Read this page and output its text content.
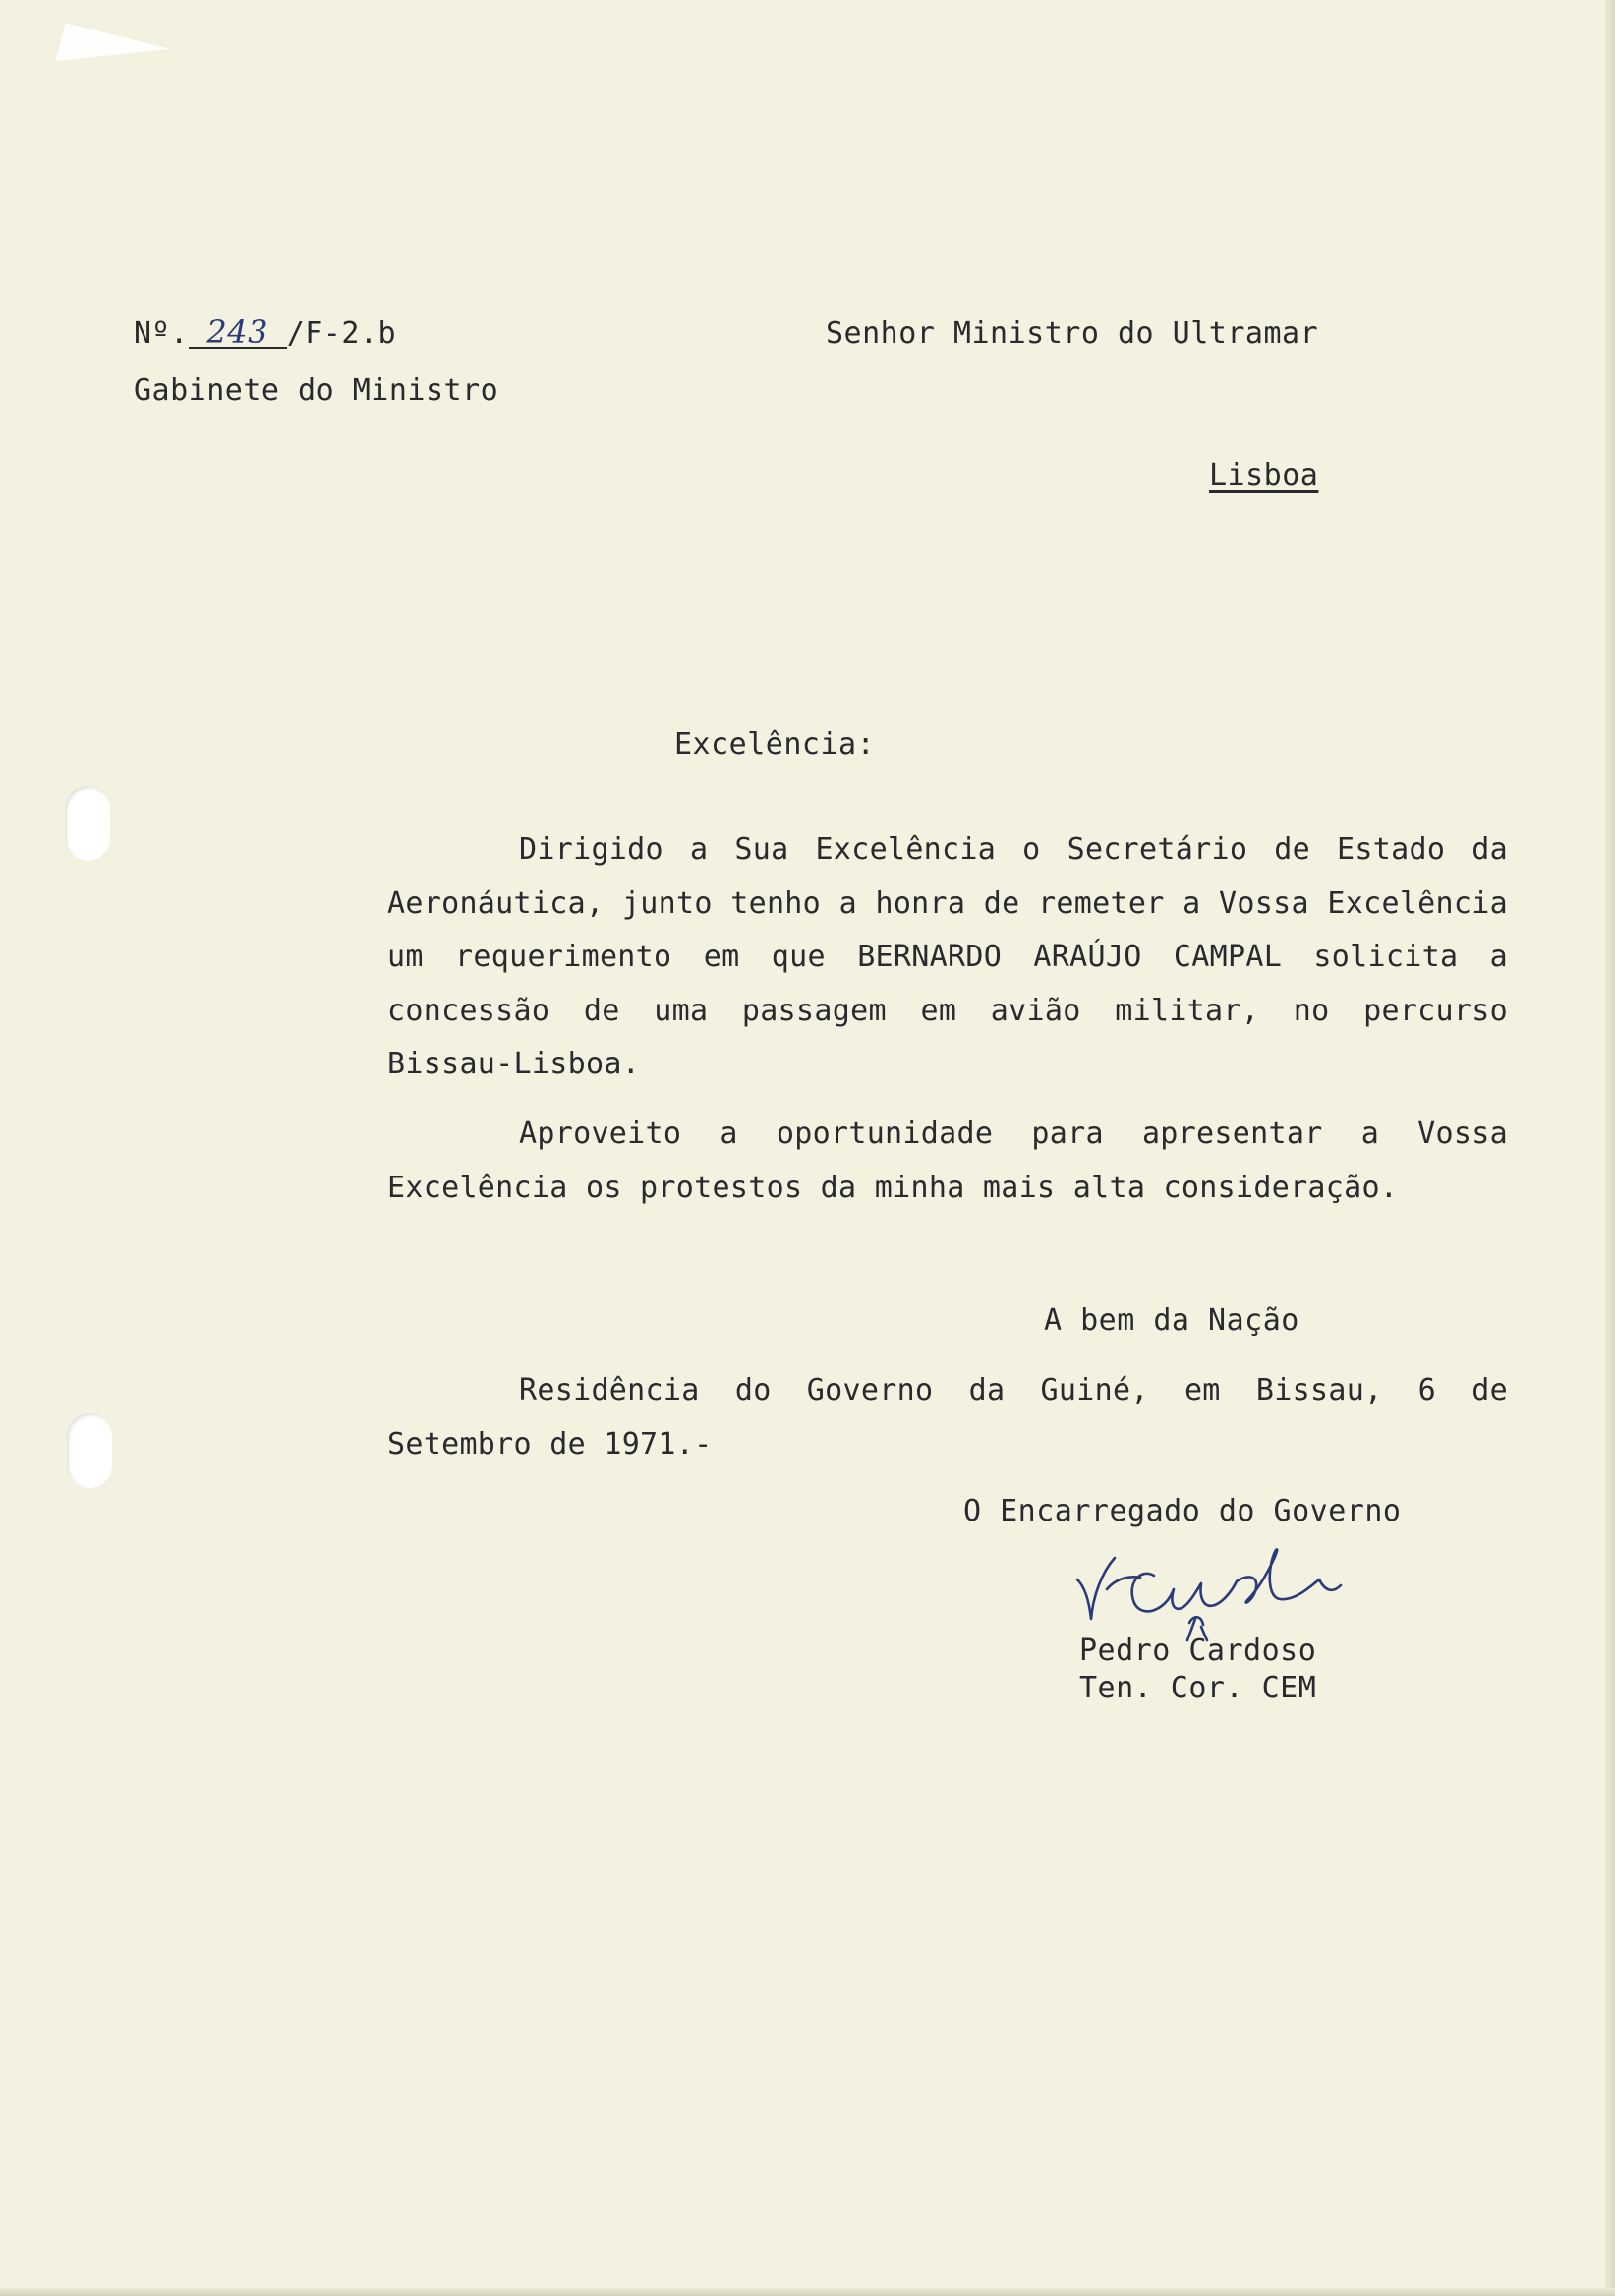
Nº. 243 /F-2.b
Gabinete do Ministro
Senhor Ministro do Ultramar
Lisboa
Excelência:

Dirigido a Sua Excelência o Secretário de Estado da Aeronáutica, junto tenho a honra de remeter a Vossa Excelência um requerimento em que BERNARDO ARAÚJO CAMPAL solicita a concessão de uma passagem em avião militar, no percurso Bissau-Lisboa.

Aproveito a oportunidade para apresentar a Vossa Excelência os protestos da minha mais alta consideração.

A bem da Nação

Residência do Governo da Guiné, em Bissau, 6 de Setembro de 1971.-

O Encarregado do Governo
Pedro Cardoso
Ten. Cor. CEM
